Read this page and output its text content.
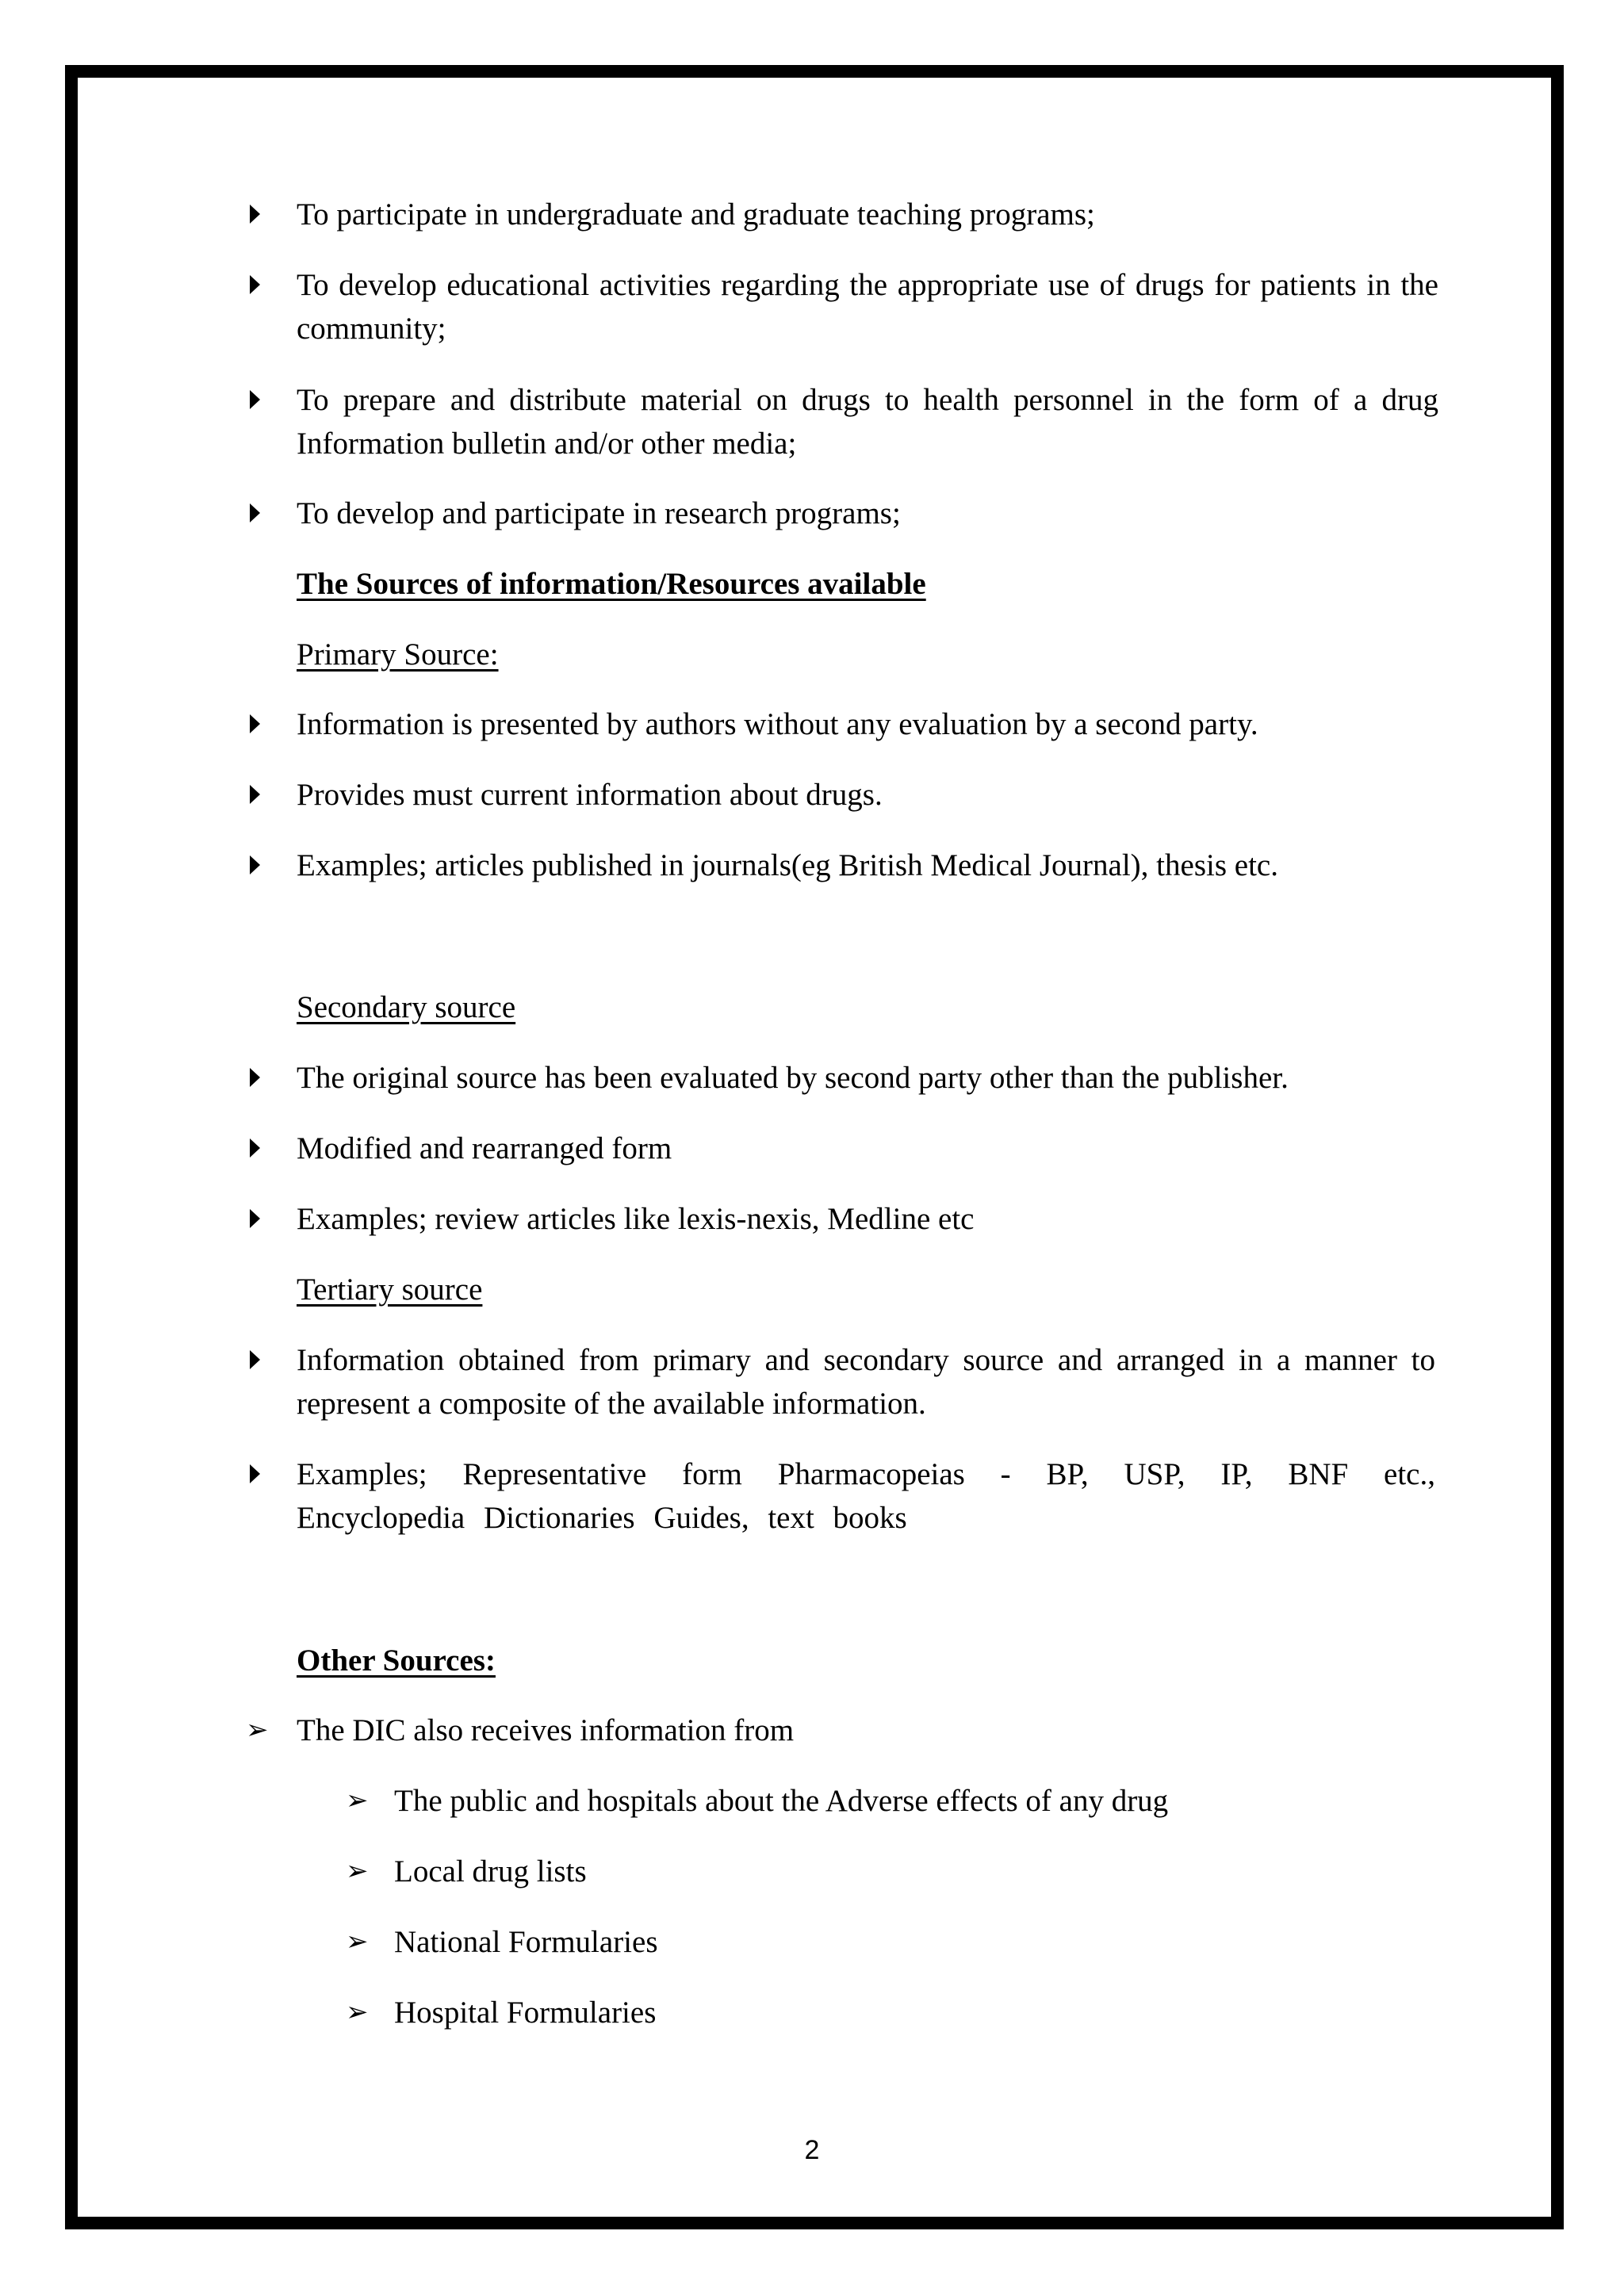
To participate in undergraduate and graduate teaching programs;
To develop educational activities regarding the appropriate use of drugs for patients in the community;
To prepare and distribute material on drugs to health personnel in the form of a drug Information bulletin and/or other media;
To develop and participate in research programs;
The Sources of information/Resources available
Primary Source:
Information is presented by authors without any evaluation by a second party.
Provides must current information about drugs.
Examples; articles published in journals(eg British Medical Journal), thesis etc.
Secondary source
The original source has been evaluated by second party other than the publisher.
Modified and rearranged form
Examples; review articles like lexis-nexis, Medline etc
Tertiary source
Information obtained from primary and secondary source and arranged in a manner to represent a composite of the available information.
Examples; Representative form Pharmacopeias - BP, USP, IP, BNF etc., Encyclopedia Dictionaries Guides, text books
Other Sources:
➢ The DIC also receives information from
➢ The public and hospitals about the Adverse effects of any drug
➢ Local drug lists
➢ National Formularies
➢ Hospital Formularies
2
